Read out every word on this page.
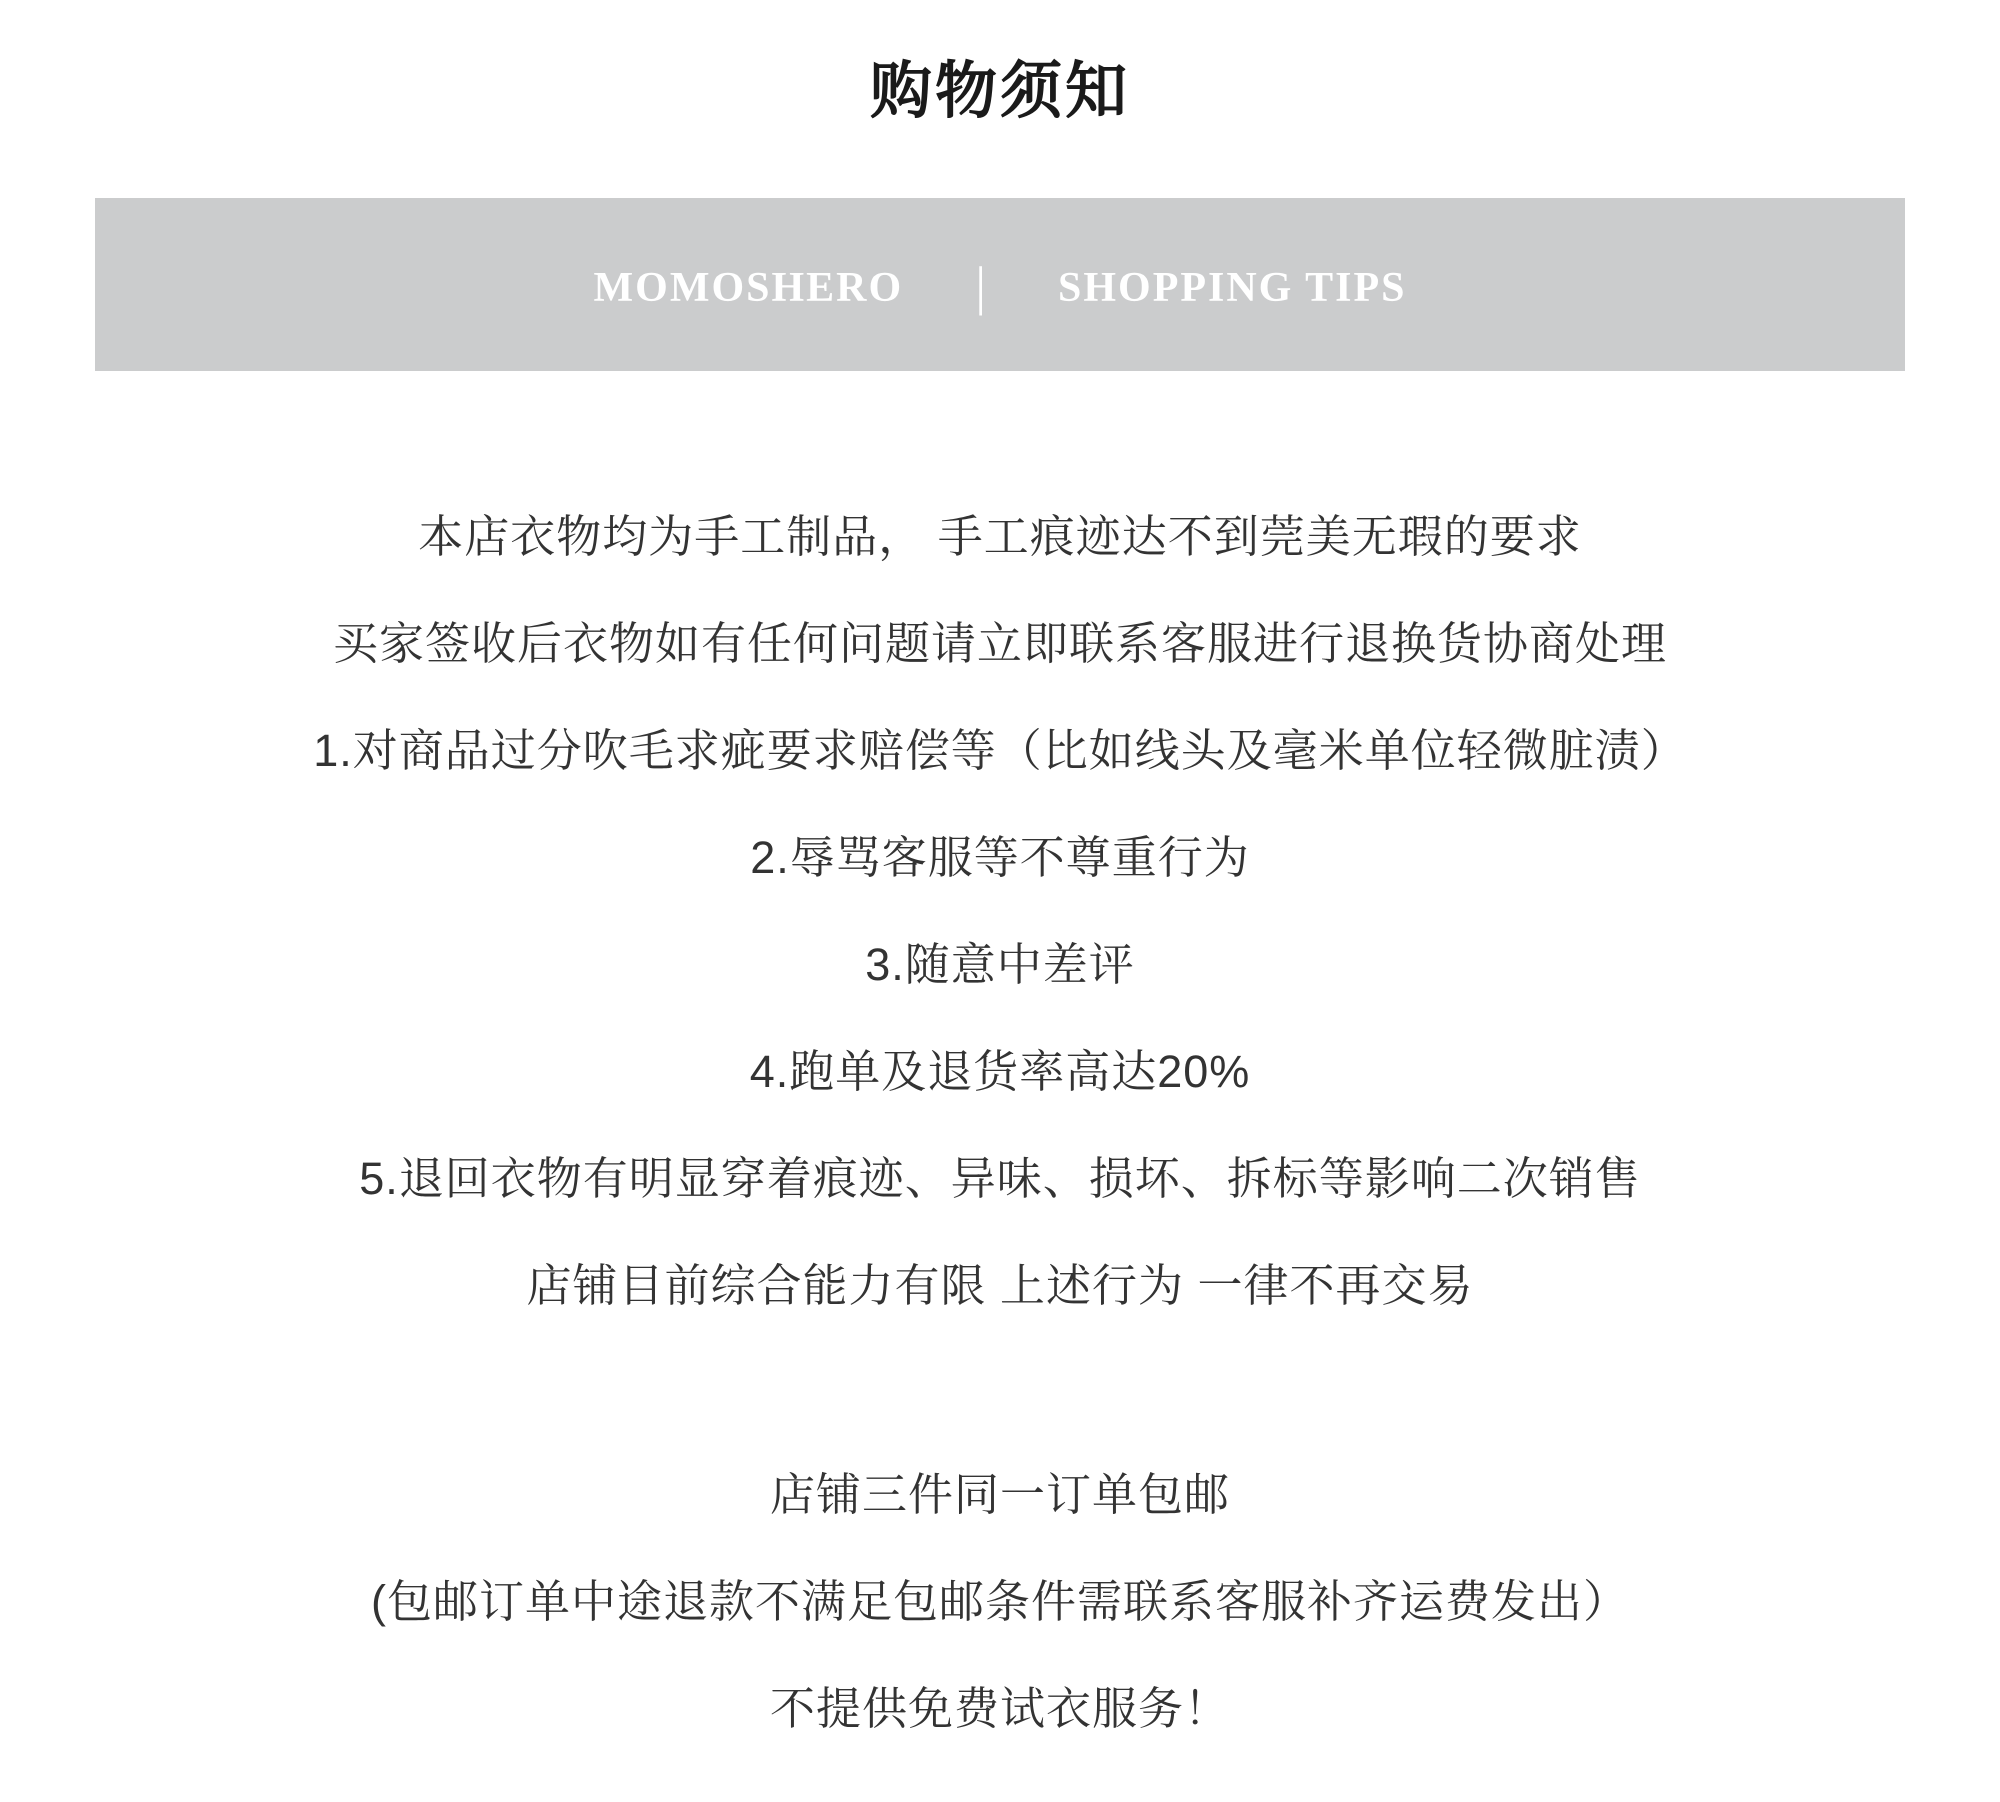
购物须知
MOMOSHERO | SHOPPING TIPS

本店衣物均为手工制品， 手工痕迹达不到莞美无瑕的要求

买家签收后衣物如有任何问题请立即联系客服进行退换货协商处理

1.对商品过分吹毛求疵要求赔偿等（比如线头及毫米单位轻微脏渍）

2.辱骂客服等不尊重行为

3.随意中差评

4.跑单及退货率高达20%

5.退回衣物有明显穿着痕迹、异味、损坏、拆标等影响二次销售

店铺目前综合能力有限 上述行为 一律不再交易

店铺三件同一订单包邮

(包邮订单中途退款不满足包邮条件需联系客服补齐运费发出）

不提供免费试衣服务！
